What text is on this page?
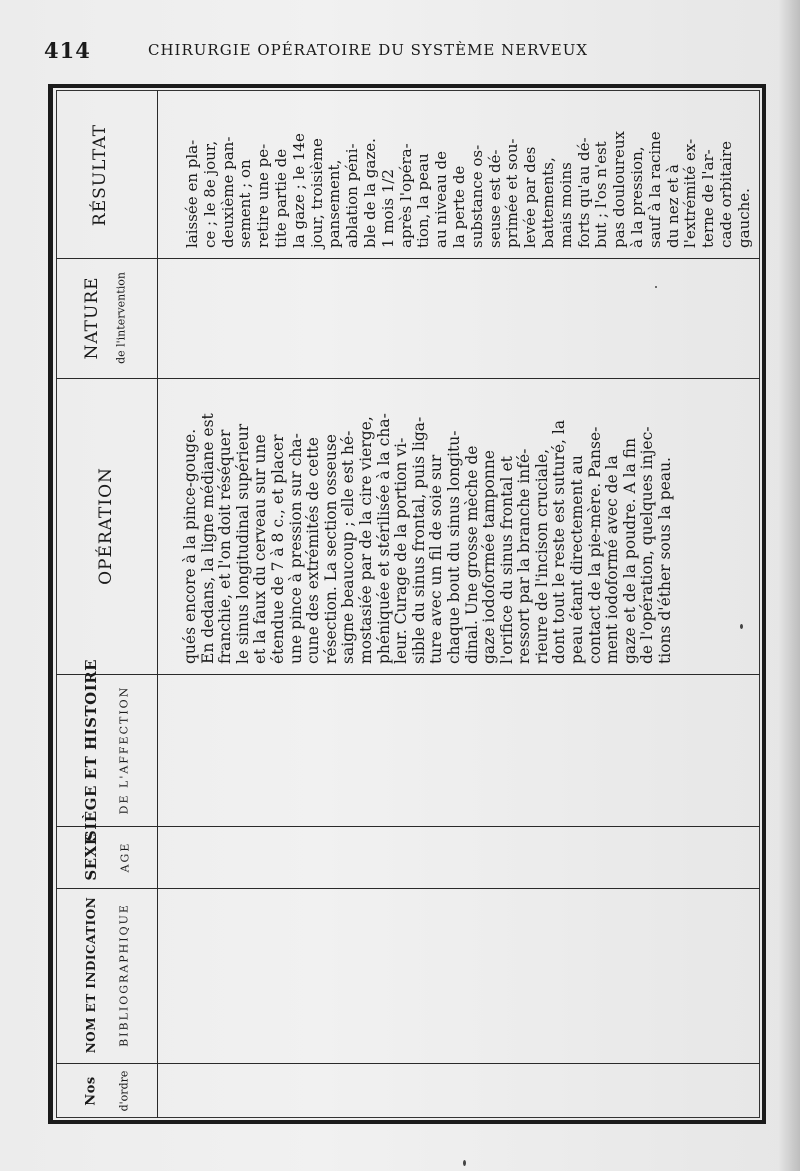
414	CHIRURGIE OPÉRATOIRE DU SYSTÈME NERVEUX
RÉSULTAT
NATURE de l'intervention
OPÉRATION
SIÈGE ET HISTOIRE DE L'AFFECTION
SEXE AGE
NOM ET INDICATION BIBLIOGRAPHIQUE
Nos d'ordre
qués encore à la pince-gouge. En dedans, la ligne médiane est franchie, et l'on doit réséquer le sinus longitudinal supérieur et la faux du cerveau sur une étendue de 7 à 8 c., et placer une pince à pression sur cha- cune des extrémités de cette résection. La section osseuse saigne beaucoup ; elle est hé- mostasiée par de la cire vierge, phéniquée et stérilisée à la cha- leur. Curage de la portion vi- sible du sinus frontal, puis liga- ture avec un fil de soie sur chaque bout du sinus longitu- dinal. Une grosse mèche de gaze iodoformée tamponne l'orifice du sinus frontal et ressort par la branche infé- rieure de l'incison cruciale, dont tout le reste est suturé, la peau étant directement au contact de la pie-mère. Panse- ment iodoformé avec de la gaze et de la poudre. A la fin de l'opération, quelques injec- tions d'éther sous la peau.
laissée en pla- ce ; le 8e jour, deuxième pan- sement ; on retire une pe- tite partie de la gaze ; le 14e jour, troisième pansement, ablation péni- ble de la gaze. 1 mois 1/2 après l'opéra- tion, la peau au niveau de la perte de substance os- seuse est dé- primée et sou- levée par des battements, mais moins forts qu'au dé- but ; l'os n'est pas douloureux à la pression, sauf à la racine du nez et à l'extrémité ex- terne de l'ar- cade orbitaire gauche.
